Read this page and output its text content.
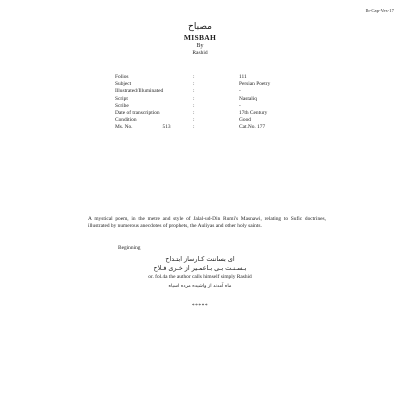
Ib-Cap-Ves-17
مصباح
MISBAH
By
Rashid
Folios	:	111
Subject	:	Persian Poetry
Illustrated/Illuminated	:	-
Script	:	Nastaliq
Scribe	:	-
Date of transcription	:	17th Century
Condition	:	Good
Ms. No. 513	:	Cat.No. 177
A mystical poem, in the metre and style of Jalal-ud-Din Rumi's Masnawi, relating to Sufic doctrines, illustrated by numerous anecdotes of prophets, the Auliyas and other holy saints.
Beginning
ای بساننت کـارساز ابتـداح
بـسـنـت بـی بـاعمـیر از خـری فـلاح
or. fol.4a the author calls himself simply Rashid
ماه آمدند از واشیده مرده اسیاه
*****
